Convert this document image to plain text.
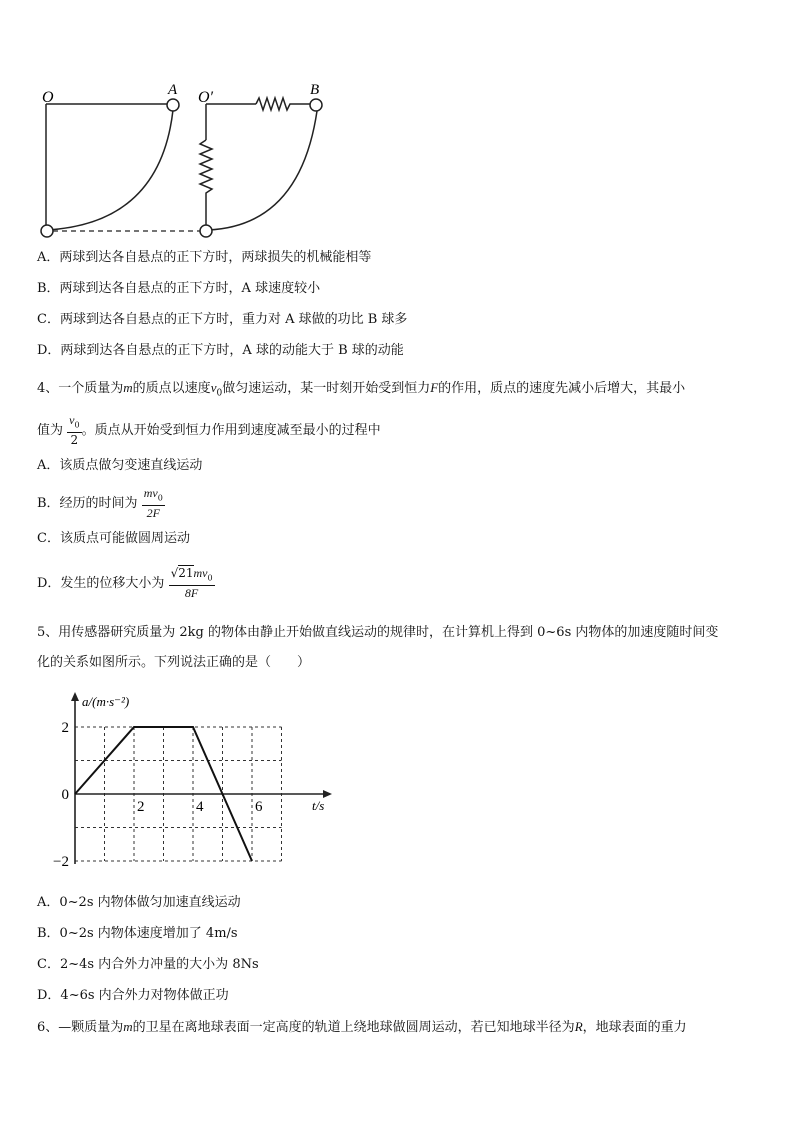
O	A O′	B
A．两球到达各自悬点的正下方时，两球损失的机械能相等
B．两球到达各自悬点的正下方时，A 球速度较小
C．两球到达各自悬点的正下方时，重力对 A 球做的功比 B 球多
D．两球到达各自悬点的正下方时，A 球的动能大于 B 球的动能
4、一个质量为m的质点以速度$v_0$做匀速运动，某一时刻开始受到恒力F的作用，质点的速度先减小后增大，其最小
值为 $\frac{v_0}{2}$ 。质点从开始受到恒力作用到速度减至最小的过程中
A．该质点做匀变速直线运动
B．经历的时间为 $\frac{mv_0}{2F}$
C．该质点可能做圆周运动
D．发生的位移大小为 $\frac{√21mv_0}{8F}$
5、用传感器研究质量为 2kg 的物体由静止开始做直线运动的规律时，在计算机上得到 0~6s 内物体的加速度随时间变
化的关系如图所示。下列说法正确的是（　　）
a/(m·s⁻²)
t/s
2	4	6
2
0
−2
A．0~2s 内物体做匀加速直线运动
B．0~2s 内物体速度增加了 4m/s
C．2~4s 内合外力冲量的大小为 8Ns
D．4~6s 内合外力对物体做正功
6、—颗质量为m的卫星在离地球表面一定高度的轨道上绕地球做圆周运动，若已知地球半径为R，地球表面的重力
